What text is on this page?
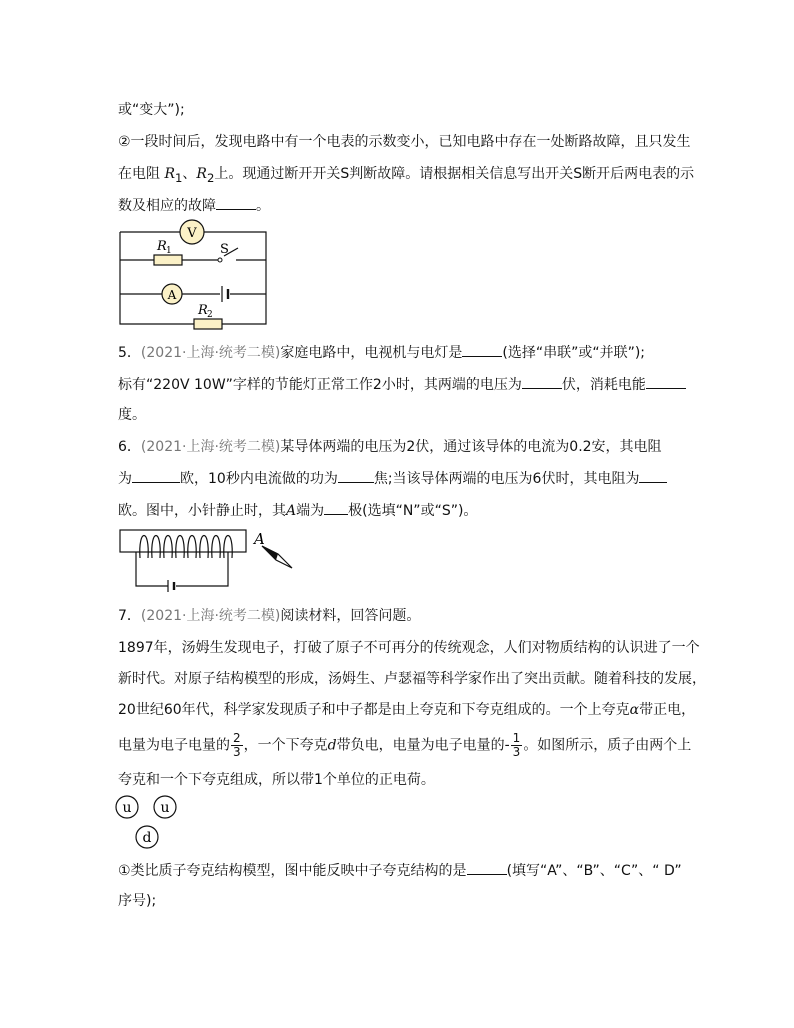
或“变大”);
②一段时间后，发现电路中有一个电表的示数变小，已知电路中存在一处断路故障，且只发生
在电阻 $R_1$、$R_2$上。现通过断开开关S判断故障。请根据相关信息写出开关S断开后两电表的示
数及相应的故障	。
V
R 1	S
A
R 2
5．(2021·上海·统考二模)家庭电路中，电视机与电灯是	(选择“串联”或“并联”);
标有“220V 10W”字样的节能灯正常工作2小时，其两端的电压为	伏，消耗电能
度。
6．(2021·上海·统考二模)某导体两端的电压为2伏，通过该导体的电流为0.2安，其电阻
为	欧，10秒内电流做的功为	焦;当该导体两端的电压为6伏时，其电阻为
欧。图中，小针静止时，其A端为 极(选填“N”或“S”)。
A
7．(2021·上海·统考二模)阅读材料，回答问题。
1897年，汤姆生发现电子，打破了原子不可再分的传统观念，人们对物质结构的认识进了一个
新时代。对原子结构模型的形成，汤姆生、卢瑟福等科学家作出了突出贡献。随着科技的发展，
20世纪60年代，科学家发现质子和中子都是由上夸克和下夸克组成的。一个上夸克α带正电，
电量为电子电量的 $\frac{2}{3}$ ，一个下夸克d带负电，电量为电子电量的- $\frac{1}{3}$ 。如图所示，质子由两个上
夸克和一个下夸克组成，所以带1个单位的正电荷。
u u
d
①类比质子夸克结构模型，图中能反映中子夸克结构的是	(填写“A”、“B”、“C”、“ D”
序号);
